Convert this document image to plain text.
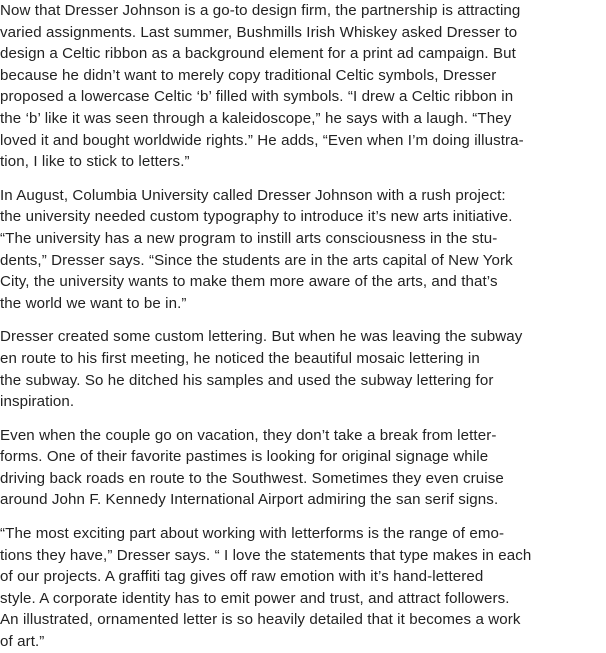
Now that Dresser Johnson is a go-to design firm, the partnership is attracting
varied assignments. Last summer, Bushmills Irish Whiskey asked Dresser to
design a Celtic ribbon as a background element for a print ad campaign. But
because he didn’t want to merely copy traditional Celtic symbols, Dresser
proposed a lowercase Celtic ‘b’ filled with symbols. “I drew a Celtic ribbon in
the ‘b’ like it was seen through a kaleidoscope,” he says with a laugh. “They
loved it and bought worldwide rights.” He adds, “Even when I’m doing illustra-
tion, I like to stick to letters.”

In August, Columbia University called Dresser Johnson with a rush project:
the university needed custom typography to introduce it’s new arts initiative.
“The university has a new program to instill arts consciousness in the stu-
dents,” Dresser says. “Since the students are in the arts capital of New York
City, the university wants to make them more aware of the arts, and that’s
the world we want to be in.”

Dresser created some custom lettering. But when he was leaving the subway
en route to his first meeting, he noticed the beautiful mosaic lettering in
the subway. So he ditched his samples and used the subway lettering for
inspiration.

Even when the couple go on vacation, they don’t take a break from letter-
forms. One of their favorite pastimes is looking for original signage while
driving back roads en route to the Southwest. Sometimes they even cruise
around John F. Kennedy International Airport admiring the san serif signs.

“The most exciting part about working with letterforms is the range of emo-
tions they have,” Dresser says. “ I love the statements that type makes in each
of our projects. A graffiti tag gives off raw emotion with it’s hand-lettered
style. A corporate identity has to emit power and trust, and attract followers.
An illustrated, ornamented letter is so heavily detailed that it becomes a work
of art.”
